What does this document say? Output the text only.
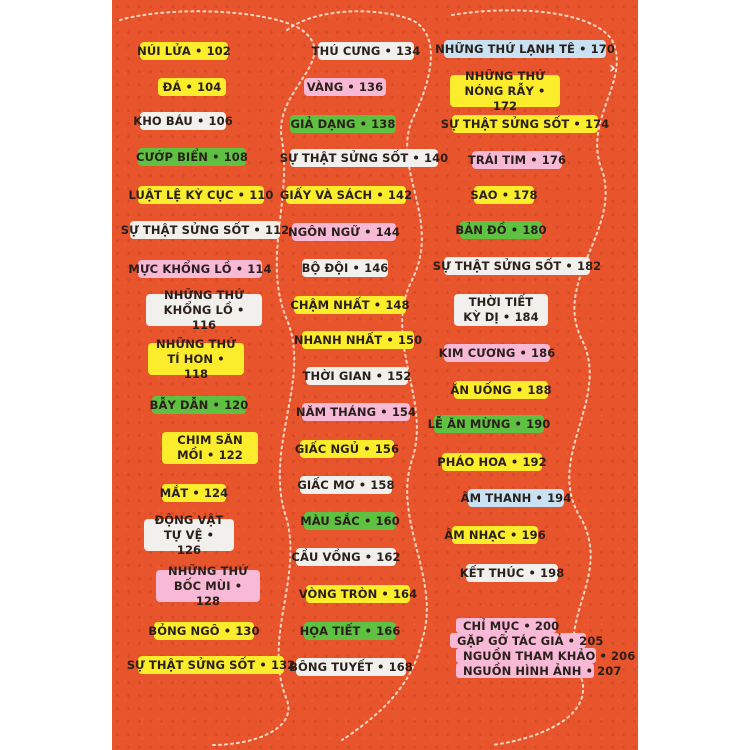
NÚI LỬA • 102
ĐÁ • 104
KHO BÁU • 106
CƯỚP BIỂN • 108
LUẬT LỆ KỲ CỤC • 110
SỰ THẬT SỬNG SỐT • 112
MỰC KHỔNG LỒ • 114
NHỮNG THỨ KHỔNG LỒ • 116
NHỮNG THỨ TÍ HON • 118
BẪY DẪN • 120
CHIM SĂN MỒI • 122
MẮT • 124
ĐỘNG VẬT TỰ VỆ • 126
NHỮNG THỨ BỐC MÙI • 128
BỎNG NGÔ • 130
SỰ THẬT SỬNG SỐT • 132
THÚ CƯNG • 134
VÀNG • 136
GIẢ DẠNG • 138
SỰ THẬT SỬNG SỐT • 140
GIẤY VÀ SÁCH • 142
NGÔN NGỮ • 144
BỘ ĐỘI • 146
CHẬM NHẤT • 148
NHANH NHẤT • 150
THỜI GIAN • 152
NĂM THÁNG • 154
GIẤC NGỦ • 156
GIẤC MƠ • 158
MÀU SẮC • 160
CẦU VỒNG • 162
VÒNG TRÒN • 164
HỌA TIẾT • 166
BÔNG TUYẾT • 168
NHỮNG THỨ LẠNH TÊ • 170
NHỮNG THỨ NÓNG RẪY • 172
SỰ THẬT SỬNG SỐT • 174
TRÁI TIM • 176
SAO • 178
BẢN ĐỒ • 180
SỰ THẬT SỬNG SỐT • 182
THỜI TIẾT KỲ DỊ • 184
KIM CƯƠNG • 186
ĂN UỐNG • 188
LỄ ĂN MỪNG • 190
PHÁO HOA • 192
ÂM THANH • 194
ÂM NHẠC • 196
KẾT THÚC • 198
CHỈ MỤC • 200
GẶP GỠ TÁC GIẢ • 205
NGUỒN THAM KHẢO • 206
NGUỒN HÌNH ẢNH • 207
›
